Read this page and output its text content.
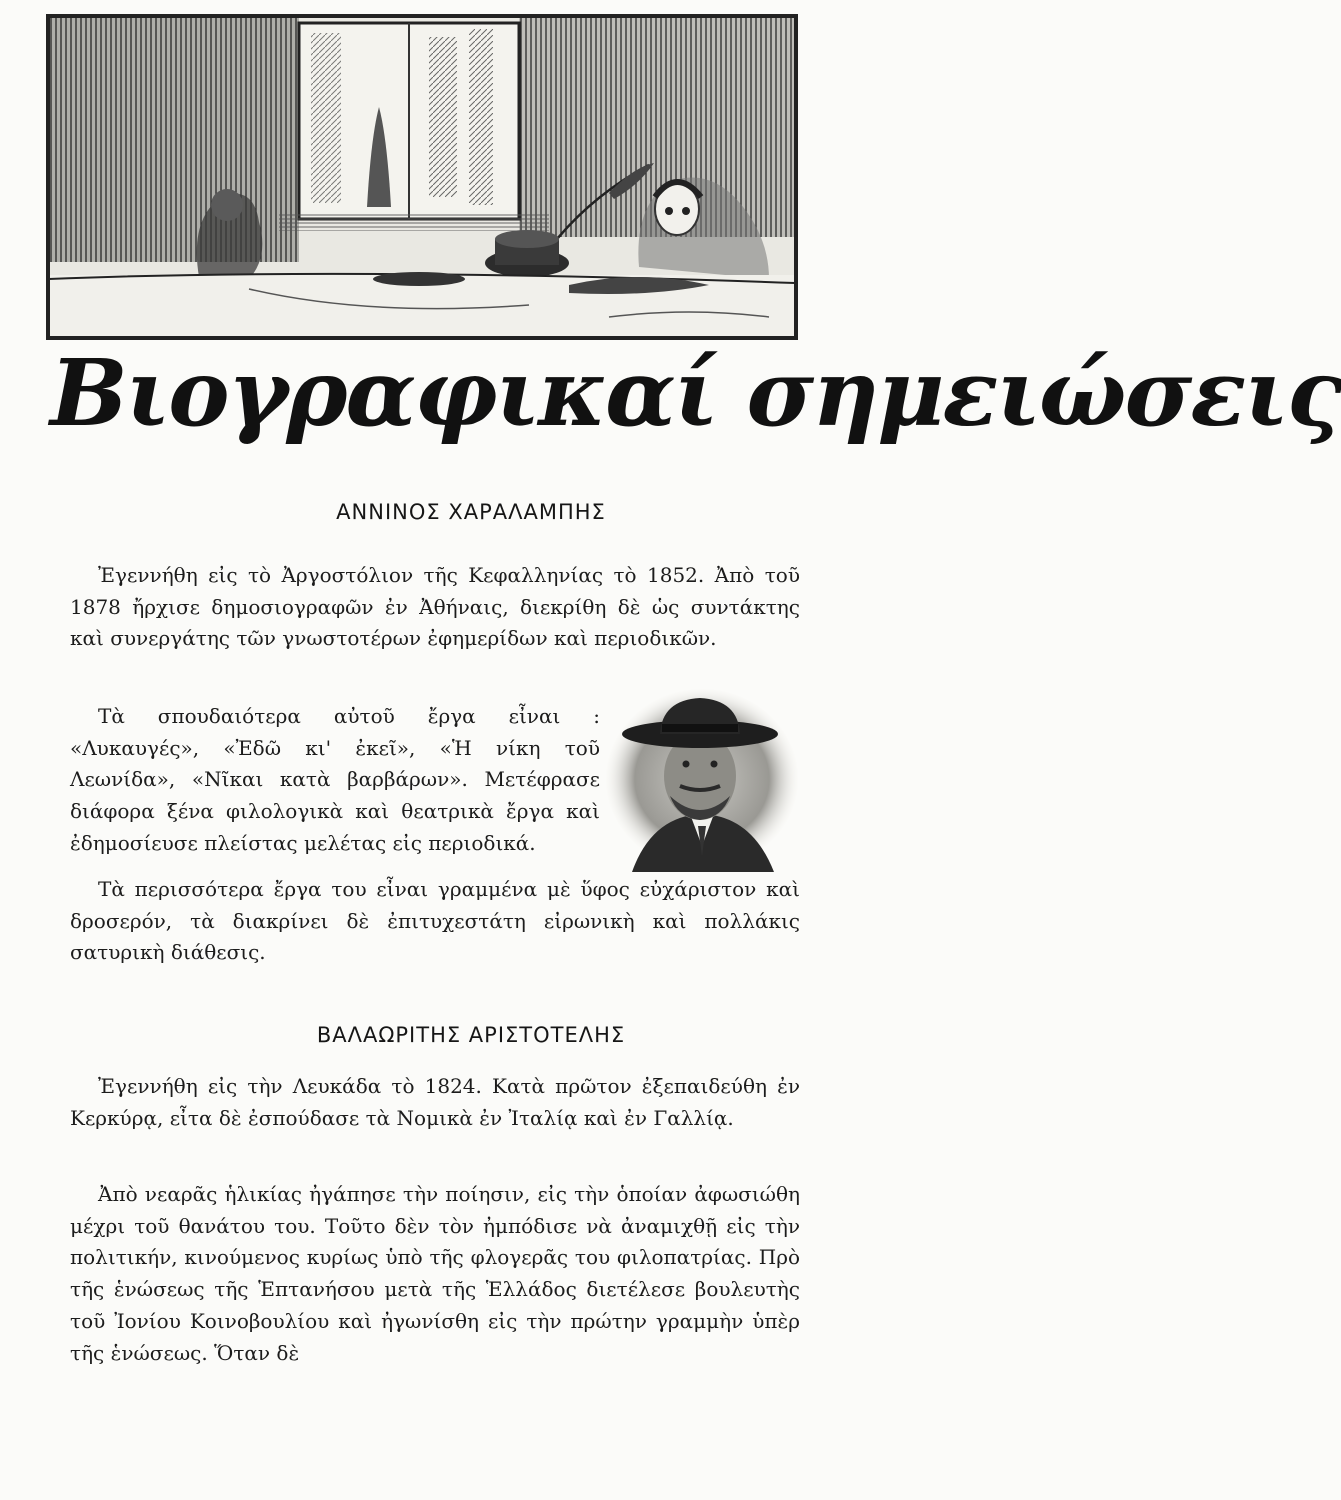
Βιογραφικαί σημειώσεις
ΑΝΝΙΝΟΣ ΧΑΡΑΛΑΜΠΗΣ

Ἐγεννήθη εἰς τὸ Ἀργοστόλιον τῆς Κεφαλληνίας τὸ 1852. Ἀπὸ τοῦ 1878 ἤρχισε δημοσιογραφῶν ἐν Ἀθήναις, διεκρίθη δὲ ὡς συντάκτης καὶ συνεργάτης τῶν γνωστοτέρων ἐφημερίδων καὶ περιοδικῶν.

Τὰ σπουδαιότερα αὐτοῦ ἔργα εἶναι : «Λυκαυγές», «Ἐδῶ κι' ἐκεῖ», «Ἡ νίκη τοῦ Λεωνίδα», «Νῖκαι κατὰ βαρβάρων». Μετέφρασε διάφορα ξένα φιλολογικὰ καὶ θεατρικὰ ἔργα καὶ ἐδημοσίευσε πλείστας μελέτας εἰς περιοδικά.

Τὰ περισσότερα ἔργα του εἶναι γραμμένα μὲ ὕφος εὐχάριστον καὶ δροσερόν, τὰ διακρίνει δὲ ἐπιτυχεστάτη εἰρωνικὴ καὶ πολλάκις σατυρικὴ διάθεσις.

ΒΑΛΑΩΡΙΤΗΣ ΑΡΙΣΤΟΤΕΛΗΣ

Ἐγεννήθη εἰς τὴν Λευκάδα τὸ 1824. Κατὰ πρῶτον ἐξεπαιδεύθη ἐν Κερκύρᾳ, εἶτα δὲ ἐσπούδασε τὰ Νομικὰ ἐν Ἰταλίᾳ καὶ ἐν Γαλλίᾳ.

Ἀπὸ νεαρᾶς ἡλικίας ἠγάπησε τὴν ποίησιν, εἰς τὴν ὁποίαν ἀφωσιώθη μέχρι τοῦ θανάτου του. Τοῦτο δὲν τὸν ἠμπόδισε νὰ ἀναμιχθῇ εἰς τὴν πολιτικήν, κινούμενος κυρίως ὑπὸ τῆς φλογερᾶς του φιλοπατρίας. Πρὸ τῆς ἑνώσεως τῆς Ἑπτανήσου μετὰ τῆς Ἑλλάδος διετέλεσε βουλευτὴς τοῦ Ἰονίου Κοινοβουλίου καὶ ἠγωνίσθη εἰς τὴν πρώτην γραμμὴν ὑπὲρ τῆς ἑνώσεως. Ὅταν δὲ
